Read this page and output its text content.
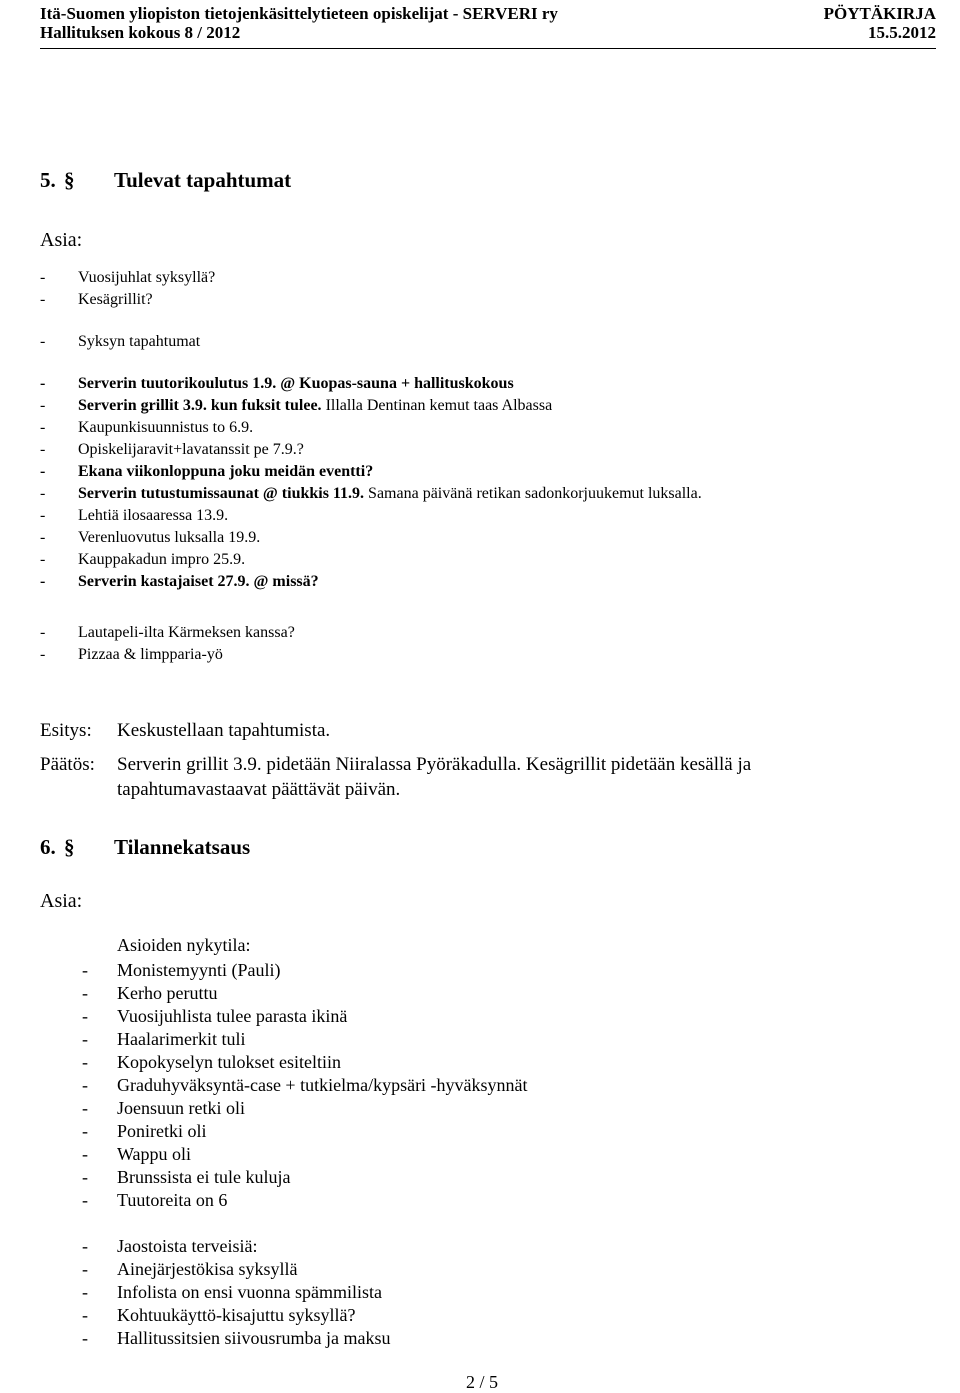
Itä-Suomen yliopiston tietojenkäsittelytieteen opiskelijat - SERVERI ry	PÖYTÄKIRJA
Hallituksen kokous 8 / 2012	15.5.2012
5. § Tulevat tapahtumat
Asia:
- Vuosijuhlat syksyllä?
- Kesägrillit?
- Syksyn tapahtumat
- Serverin tuutorikoulutus 1.9. @ Kuopas-sauna + hallituskokous
- Serverin grillit 3.9. kun fuksit tulee. Illalla Dentinan kemut taas Albassa
- Kaupunkisuunnistus to 6.9.
- Opiskelijaravit+lavatanssit pe 7.9.?
- Ekana viikonloppuna joku meidän eventti?
- Serverin tutustumissaunat @ tiukkis 11.9. Samana päivänä retikan sadonkorjuukemut luksalla.
- Lehtiä ilosaaressa 13.9.
- Verenluovutus luksalla 19.9.
- Kauppakadun impro 25.9.
- Serverin kastajaiset 27.9. @ missä?
- Lautapeli-ilta Kärmeksen kanssa?
- Pizzaa & limpparia-yö
Esitys: Keskustellaan tapahtumista.
Päätös: Serverin grillit 3.9. pidetään Niiralassa Pyöräkadulla. Kesägrillit pidetään kesällä ja
tapahtumavastaavat päättävät päivän.
6. § Tilannekatsaus
Asia:
Asioiden nykytila:
- Monistemyynti (Pauli)
- Kerho peruttu
- Vuosijuhlista tulee parasta ikinä
- Haalarimerkit tuli
- Kopokyselyn tulokset esiteltiin
- Graduhyväksyntä-case + tutkielma/kypsäri -hyväksynnät
- Joensuun retki oli
- Poniretki oli
- Wappu oli
- Brunssista ei tule kuluja
- Tuutoreita on 6
- Jaostoista terveisiä:
- Ainejärjestökisa syksyllä
- Infolista on ensi vuonna spämmilista
- Kohtuukäyttö-kisajuttu syksyllä?
- Hallitussitsien siivousrumba ja maksu
2 / 5
